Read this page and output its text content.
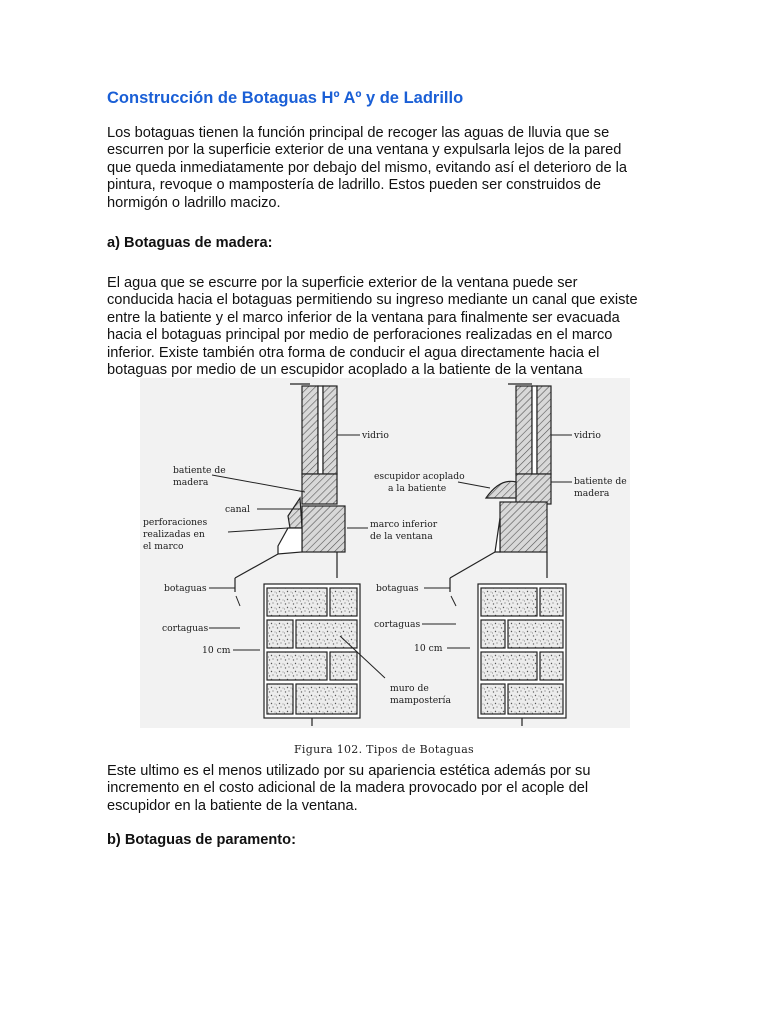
Construcción de Botaguas Hº Aº y de Ladrillo

Los botaguas tienen la función principal de recoger las aguas de lluvia que se
escurren por la superficie exterior de una ventana y expulsarla lejos de la pared
que queda inmediatamente por debajo del mismo, evitando así el deterioro de la
pintura, revoque o mampostería de ladrillo. Estos pueden ser construidos de
hormigón o ladrillo macizo.

a) Botaguas de madera:

El agua que se escurre por la superficie exterior de la ventana puede ser
conducida hacia el botaguas permitiendo su ingreso mediante un canal que existe
entre la batiente y el marco inferior de la ventana para finalmente ser evacuada
hacia el botaguas principal por medio de perforaciones realizadas en el marco
inferior. Existe también otra forma de conducir el agua directamente hacia el
botaguas por medio de un escupidor acoplado a la batiente de la ventana

vidrio
batiente de
madera
canal
perforaciones
realizadas en
el marco
marco inferior
de la ventana
botaguas
cortaguas
10 cm
muro de
mampostería
vidrio
escupidor acoplado
a la batiente
batiente de
madera
botaguas
cortaguas
10 cm
Figura 102. Tipos de Botaguas

Este ultimo es el menos utilizado por su apariencia estética además por su
incremento en el costo adicional de la madera provocado por el acople del
escupidor en la batiente de la ventana.

b) Botaguas de paramento:
